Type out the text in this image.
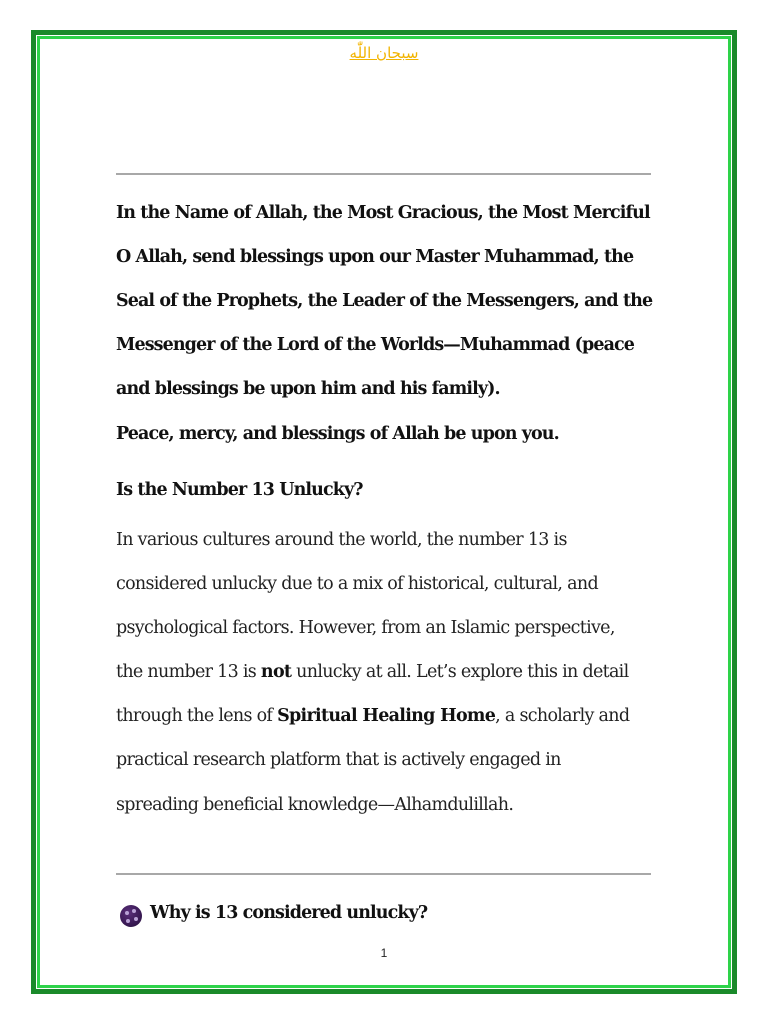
سبحان اللّٰه
In the Name of Allah, the Most Gracious, the Most Merciful
O Allah, send blessings upon our Master Muhammad, the
Seal of the Prophets, the Leader of the Messengers, and the
Messenger of the Lord of the Worlds—Muhammad (peace
and blessings be upon him and his family).
Peace, mercy, and blessings of Allah be upon you.
Is the Number 13 Unlucky?
In various cultures around the world, the number 13 is
considered unlucky due to a mix of historical, cultural, and
psychological factors. However, from an Islamic perspective,
the number 13 is not unlucky at all. Let’s explore this in detail
through the lens of Spiritual Healing Home, a scholarly and
practical research platform that is actively engaged in
spreading beneficial knowledge—Alhamdulillah.
Why is 13 considered unlucky?
1
